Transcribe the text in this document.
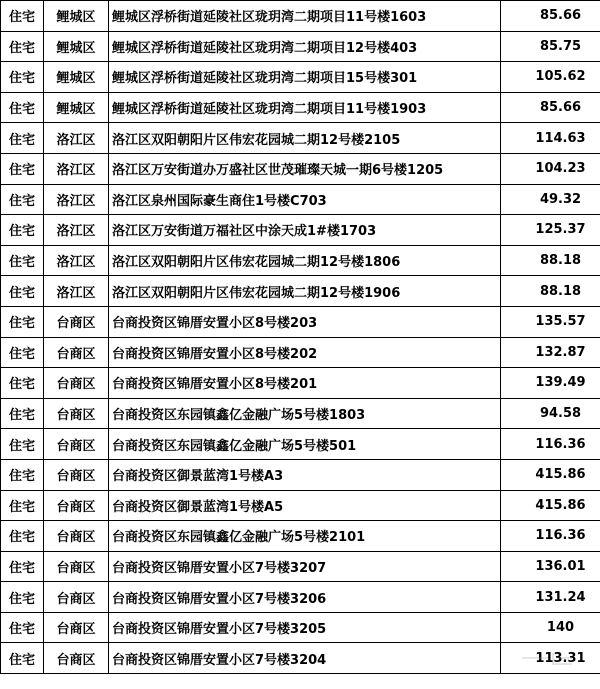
住宅	鲤城区	鲤城区浮桥街道延陵社区珑玥湾二期项目11号楼1603	85.66
住宅	鲤城区	鲤城区浮桥街道延陵社区珑玥湾二期项目12号楼403	85.75
住宅	鲤城区	鲤城区浮桥街道延陵社区珑玥湾二期项目15号楼301	105.62
住宅	鲤城区	鲤城区浮桥街道延陵社区珑玥湾二期项目11号楼1903	85.66
住宅	洛江区	洛江区双阳朝阳片区伟宏花园城二期12号楼2105	114.63
住宅	洛江区	洛江区万安街道办万盛社区世茂璀璨天城一期6号楼1205	104.23
住宅	洛江区	洛江区泉州国际豪生商住1号楼C703	49.32
住宅	洛江区	洛江区万安街道万福社区中涂天成1#楼1703	125.37
住宅	洛江区	洛江区双阳朝阳片区伟宏花园城二期12号楼1806	88.18
住宅	洛江区	洛江区双阳朝阳片区伟宏花园城二期12号楼1906	88.18
住宅	台商区	台商投资区锦厝安置小区8号楼203	135.57
住宅	台商区	台商投资区锦厝安置小区8号楼202	132.87
住宅	台商区	台商投资区锦厝安置小区8号楼201	139.49
住宅	台商区	台商投资区东园镇鑫亿金融广场5号楼1803	94.58
住宅	台商区	台商投资区东园镇鑫亿金融广场5号楼501	116.36
住宅	台商区	台商投资区御景蓝湾1号楼A3	415.86
住宅	台商区	台商投资区御景蓝湾1号楼A5	415.86
住宅	台商区	台商投资区东园镇鑫亿金融广场5号楼2101	116.36
住宅	台商区	台商投资区锦厝安置小区7号楼3207	136.01
住宅	台商区	台商投资区锦厝安置小区7号楼3206	131.24
住宅	台商区	台商投资区锦厝安置小区7号楼3205	140
住宅	台商区	台商投资区锦厝安置小区7号楼3204	113.31
